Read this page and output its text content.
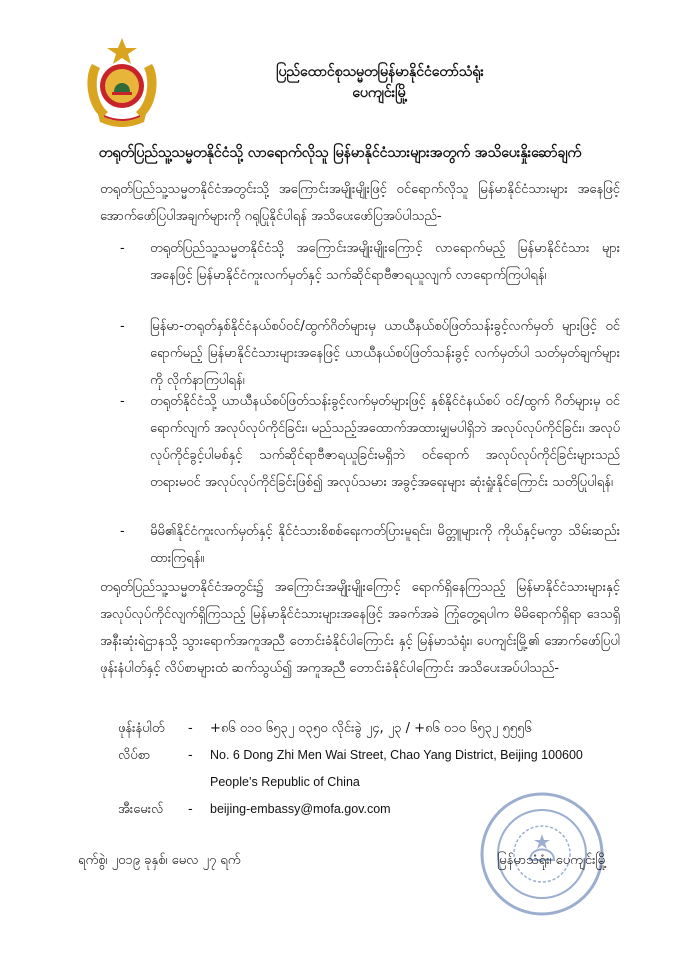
ပြည်ထောင်စုသမ္မတမြန်မာနိုင်ငံတော်သံရုံး
ပေကျင်းမြို့
တရုတ်ပြည်သူ့သမ္မတနိုင်ငံသို့ လာရောက်လိုသူ မြန်မာနိုင်ငံသားများအတွက် အသိပေးနှိုးဆော်ချက်
တရုတ်ပြည်သူ့သမ္မတနိုင်ငံအတွင်းသို့ အကြောင်းအမျိုးမျိုးဖြင့် ဝင်ရောက်လိုသူ မြန်မာနိုင်ငံသားများ အနေဖြင့် အောက်ဖော်ပြပါအချက်များကို ဂရုပြုနိုင်ပါရန် အသိပေးဖော်ပြအပ်ပါသည်-
- တရုတ်ပြည်သူ့သမ္မတနိုင်ငံသို့ အကြောင်းအမျိုးမျိုးကြောင့် လာရောက်မည့် မြန်မာနိုင်ငံသား များအနေဖြင့် မြန်မာနိုင်ငံကူးလက်မှတ်နှင့် သက်ဆိုင်ရာဗီဇာရယူလျက် လာရောက်ကြပါရန်၊
- မြန်မာ-တရုတ်နှစ်နိုင်ငံနယ်စပ်ဝင်/ထွက်ဂိတ်များမှ ယာယီနယ်စပ်ဖြတ်သန်းခွင့်လက်မှတ် များဖြင့် ဝင်ရောက်မည့် မြန်မာနိုင်ငံသားများအနေဖြင့် ယာယီနယ်စပ်ဖြတ်သန်းခွင့် လက်မှတ်ပါ သတ်မှတ်ချက်များကို လိုက်နာကြပါရန်၊
- တရုတ်နိုင်ငံသို့ ယာယီနယ်စပ်ဖြတ်သန်းခွင့်လက်မှတ်များဖြင့် နှစ်နိုင်ငံနယ်စပ် ဝင်/ထွက် ဂိတ်များမှ ဝင်ရောက်လျက် အလုပ်လုပ်ကိုင်ခြင်း၊ မည်သည့်အထောက်အထားမျှမပါရှိဘဲ အလုပ်လုပ်ကိုင်ခြင်း၊ အလုပ်လုပ်ကိုင်ခွင့်ပါမစ်နှင့် သက်ဆိုင်ရာဗီဇာရယူခြင်းမရှိဘဲ ဝင်ရောက် အလုပ်လုပ်ကိုင်ခြင်းများသည် တရားမဝင် အလုပ်လုပ်ကိုင်ခြင်းဖြစ်၍ အလုပ်သမား အခွင့်အရေးများ ဆုံးရှုံးနိုင်ကြောင်း သတိပြုပါရန်၊
- မိမိ၏နိုင်ငံကူးလက်မှတ်နှင့် နိုင်ငံသားစိစစ်ရေးကတ်ပြားမူရင်း၊ မိတ္တူများကို ကိုယ်နှင့်မကွာ သိမ်းဆည်းထားကြရန်။
တရုတ်ပြည်သူ့သမ္မတနိုင်ငံအတွင်း၌ အကြောင်းအမျိုးမျိုးကြောင့် ရောက်ရှိနေကြသည့် မြန်မာနိုင်ငံသားများနှင့် အလုပ်လုပ်ကိုင်လျက်ရှိကြသည့် မြန်မာနိုင်ငံသားများအနေဖြင့် အခက်အခဲ ကြုံတွေ့ရပါက မိမိရောက်ရှိရာ ဒေသရှိအနီးဆုံးရဲဌာနသို့ သွားရောက်အကူအညီ တောင်းခံနိုင်ပါကြောင်း နှင့် မြန်မာသံရုံး၊ ပေကျင်းမြို့၏ အောက်ဖော်ပြပါ ဖုန်းနံပါတ်နှင့် လိပ်စာများထံ ဆက်သွယ်၍ အကူအညီ တောင်းခံနိုင်ပါကြောင်း အသိပေးအပ်ပါသည်-
ဖုန်းနံပါတ်	-	+၈၆ ၀၁၀ ၆၅၃၂ ၀၃၅၀ လိုင်းခွဲ ၂၄, ၂၃ / +၈၆ ၀၁၀ ၆၅၃၂ ၅၅၅၆
လိပ်စာ	-	No. 6 Dong Zhi Men Wai Street, Chao Yang District, Beijing 100600
People’s Republic of China
အီးမေးလ်	-	beijing-embassy@mofa.gov.com
ရက်စွဲ၊ ၂၀၁၉ ခုနှစ်၊ မေလ ၂၇ ရက်	မြန်မာသံရုံး၊ ပေကျင်းမြို့
